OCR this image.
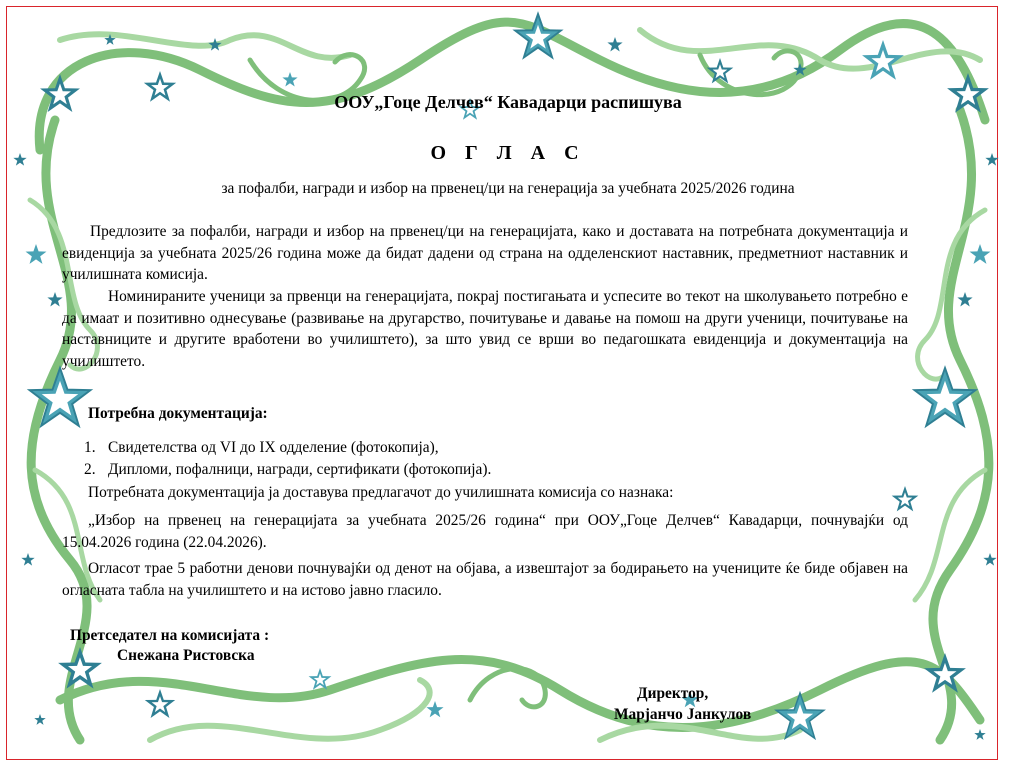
ООУ„Гоце Делчев“ Кавадарци распишува
О Г Л А С
за пофалби, награди и избор на првенец/ци на генерација за учебната 2025/2026 година
Предлозите за пофалби, награди и избор на првенец/ци на генерацијата, како и доставата на потребната документација и евиденција за учебната 2025/26 година може да бидат дадени од страна на одделенскиот наставник, предметниот наставник и училишната комисија.
Номинираните ученици за првенци на генерацијата, покрај постигањата и успесите во текот на школувањето потребно е да имаат и позитивно однесување (развивање на другарство, почитување и давање на помош на други ученици, почитување на наставниците и другите вработени во училиштето), за што увид се врши во педагошката евиденција и документација на училиштето.
Потребна документација:
1. Свидетелства од VI до IX одделение (фотокопија),
2. Дипломи, пофалници, награди, сертификати (фотокопија).
Потребната документација ја доставува предлагачот до училишната комисија со назнака:
„Избор на првенец на генерацијата за учебната 2025/26 година“ при ООУ„Гоце Делчев“ Кавадарци, почнувајќи од 15.04.2026 година (22.04.2026).
Огласот трае 5 работни денови почнувајќи од денот на објава, а извештајот за бодирањето на учениците ќе биде објавен на огласната табла на училиштето и на истово јавно гласило.
Претседател на комисијата :
Снежана Ристовска
Директор,
Марјанчо Јанкулов
